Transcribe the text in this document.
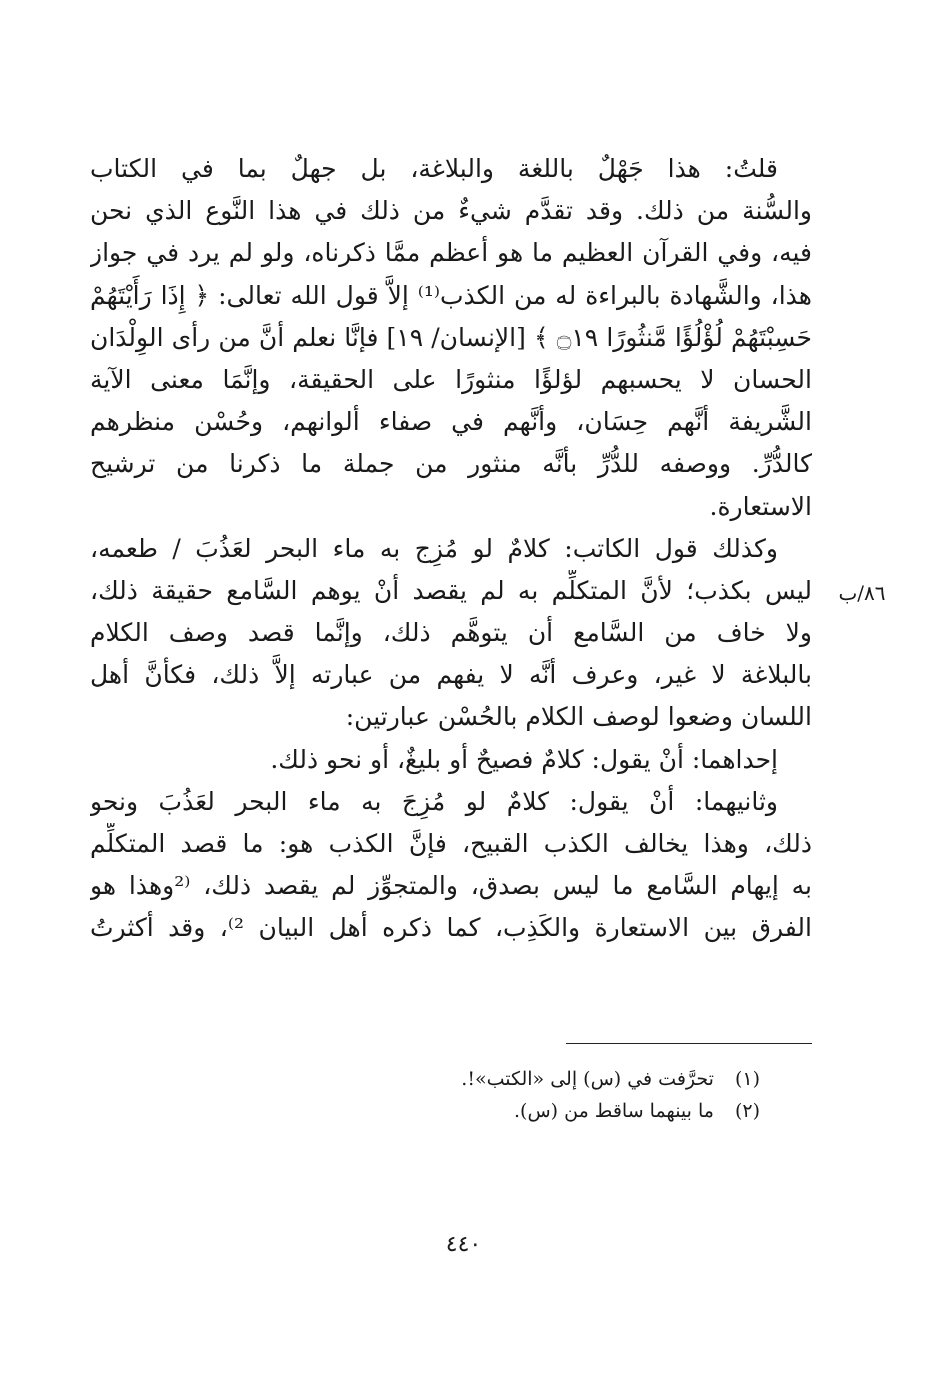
قلتُ: هذا جَهْلٌ باللغة والبلاغة، بل جهلٌ بما في الكتاب
والسُّنة من ذلك. وقد تقدَّم شيءٌ من ذلك في هذا النَّوع الذي نحن
فيه، وفي القرآن العظيم ما هو أعظم ممَّا ذكرناه، ولو لم يرد في جواز
هذا، والشَّهادة بالبراءة له من الكذب⁽¹⁾ إلاَّ قول الله تعالى: ﴿ إِذَا رَأَيْتَهُمْ
حَسِبْتَهُمْ لُؤْلُؤًا مَّنثُورًا ۝١٩ ﴾ [الإنسان/ ١٩] فإنَّا نعلم أنَّ من رأى الوِلْدَان
الحسان لا يحسبهم لؤلؤًا منثورًا على الحقيقة، وإنَّمَا معنى الآية
الشَّريفة أنَّهم حِسَان، وأنَّهم في صفاء ألوانهم، وحُسْن منظرهم
كالدُّرِّ. ووصفه للدُّرِّ بأنَّه منثور من جملة ما ذكرنا من ترشيح
الاستعارة.
وكذلك قول الكاتب: كلامٌ لو مُزِج به ماء البحر لعَذُبَ / طعمه،
ليس بكذب؛ لأنَّ المتكلِّم به لم يقصد أنْ يوهم السَّامع حقيقة ذلك،
ولا خاف من السَّامع أن يتوهَّم ذلك، وإنَّما قصد وصف الكلام
بالبلاغة لا غير، وعرف أنَّه لا يفهم من عبارته إلاَّ ذلك، فكأنَّ أهل
اللسان وضعوا لوصف الكلام بالحُسْن عبارتين:
إحداهما: أنْ يقول: كلامٌ فصيحٌ أو بليغٌ، أو نحو ذلك.
وثانيهما: أنْ يقول: كلامٌ لو مُزِجَ به ماء البحر لعَذُبَ ونحو
ذلك، وهذا يخالف الكذب القبيح، فإنَّ الكذب هو: ما قصد المتكلِّم
به إيهام السَّامع ما ليس بصدق، والمتجوِّز لم يقصد ذلك، ⁽²وهذا هو
الفرق بين الاستعارة والكَذِب، كما ذكره أهل البيان ²⁾، وقد أكثرتُ
٨٦/ب
(١) تحرَّفت في (س) إلى «الكتب»!.
(٢) ما بينهما ساقط من (س).
٤٤٠
